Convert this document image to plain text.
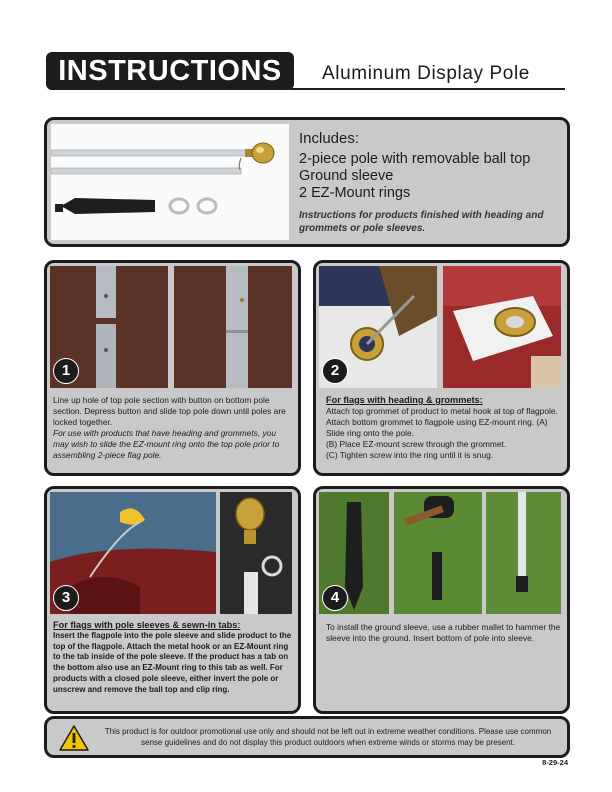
INSTRUCTIONS	Aluminum Display Pole
Includes:
2-piece pole with removable ball top
Ground sleeve
2 EZ-Mount rings
Instructions for products finished with heading and grommets or pole sleeves.
1
Line up hole of top pole section with button on bottom pole section. Depress button and slide top pole down until poles are locked together.
For use with products that have heading and grommets, you may wish to slide the EZ-mount ring onto the top pole prior to assembling 2-piece flag pole.
2
For flags with heading & grommets:
Attach top grommet of product to metal hook at top of flagpole. Attach bottom grommet to flagpole using EZ-mount ring. (A) Slide ring onto the pole.
(B) Place EZ-mount screw through the grommet.
(C) Tighten screw into the ring until it is snug.
3
For flags with pole sleeves & sewn-in tabs:
Insert the flagpole into the pole sleeve and slide product to the top of the flagpole. Attach the metal hook or an EZ-Mount ring to the tab inside of the pole sleeve. If the product has a tab on the bottom also use an EZ-Mount ring to this tab as well. For products with a closed pole sleeve, either invert the pole or unscrew and remove the ball top and clip ring.
4
To install the ground sleeve, use a rubber mallet to hammer the sleeve into the ground. Insert bottom of pole into sleeve.
This product is for outdoor promotional use only and should not be left out in extreme weather conditions. Please use common sense guidelines and do not display this product outdoors when extreme winds or storms may be present.
8-29-24
